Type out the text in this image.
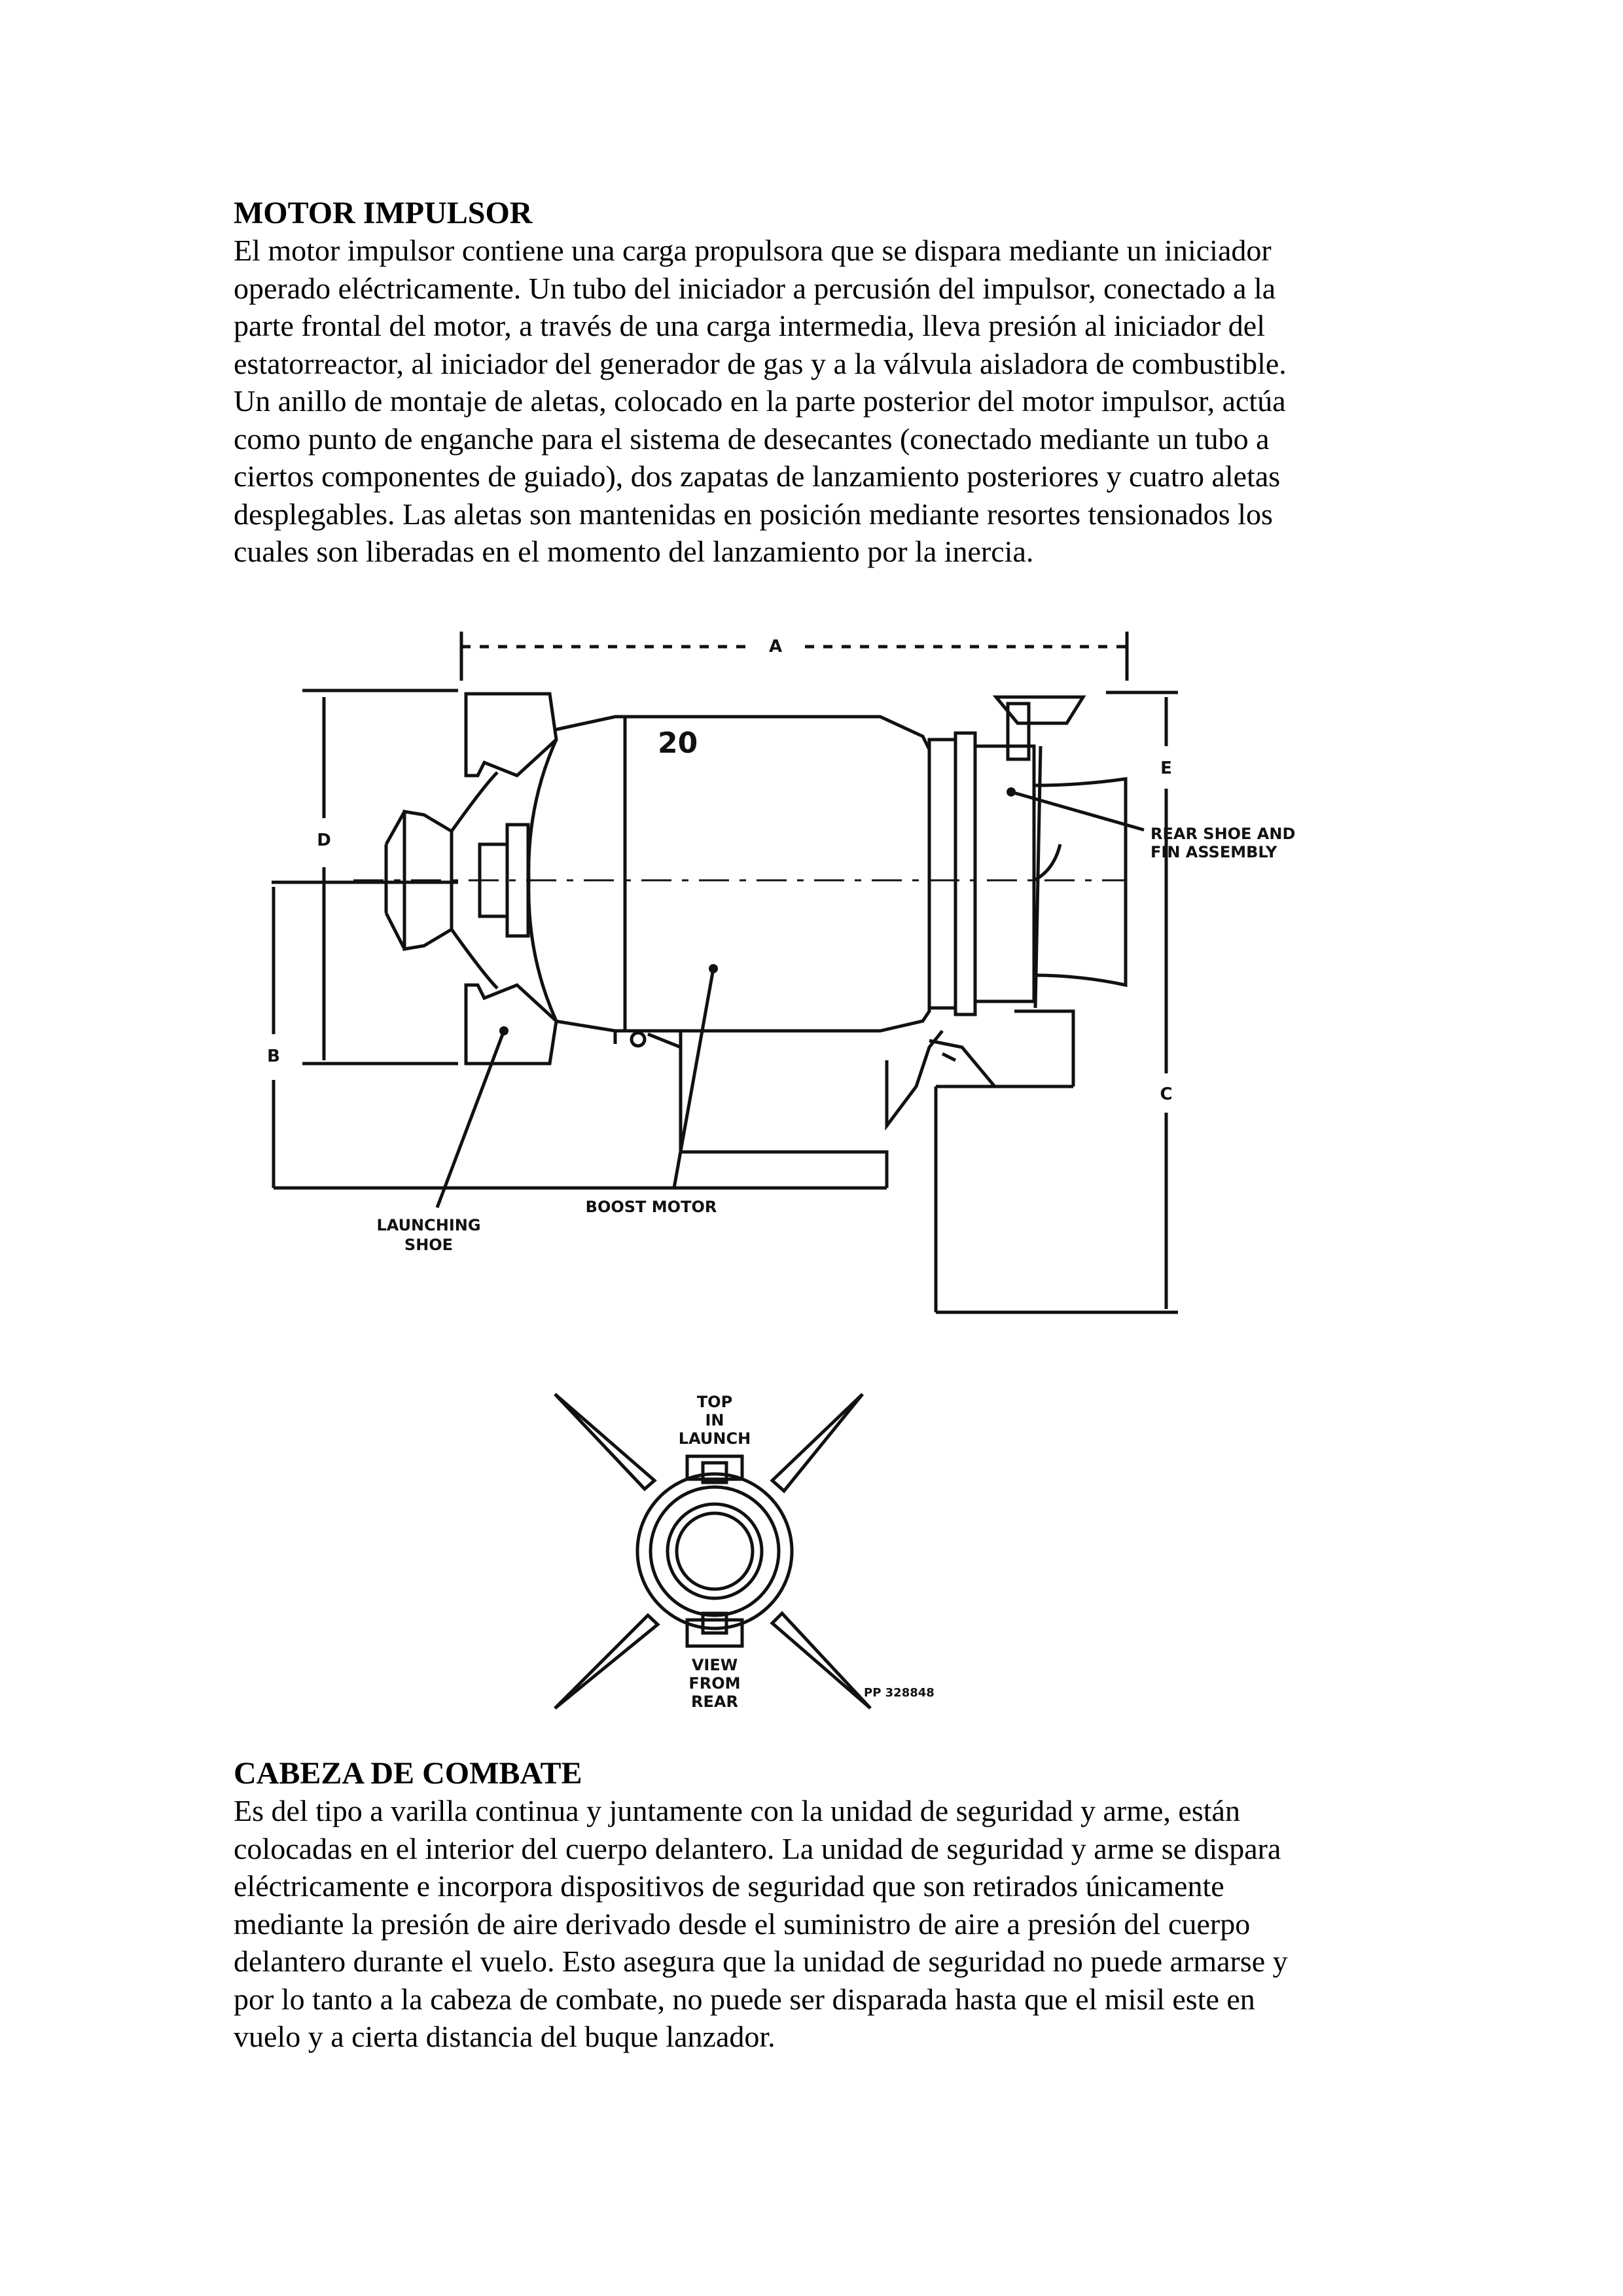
MOTOR IMPULSOR

El motor impulsor contiene una carga propulsora que se dispara mediante un iniciador
operado eléctricamente. Un tubo del iniciador a percusión del impulsor, conectado a la
parte frontal del motor, a través de una carga intermedia, lleva presión al iniciador del
estatorreactor, al iniciador del generador de gas y a la válvula aisladora de combustible.
Un anillo de montaje de aletas, colocado en la parte posterior del motor impulsor, actúa
como punto de enganche para el sistema de desecantes (conectado mediante un tubo a
ciertos componentes de guiado), dos zapatas de lanzamiento posteriores y cuatro aletas
desplegables. Las aletas son mantenidas en posición mediante resortes tensionados los
cuales son liberadas en el momento del lanzamiento por la inercia.

20
A
D
B
E
C
REAR SHOE AND
FIN ASSEMBLY
LAUNCHING
SHOE
BOOST MOTOR
TOP
IN
LAUNCH
VIEW
FROM
REAR	PP 328848
CABEZA DE COMBATE

Es del tipo a varilla continua y juntamente con la unidad de seguridad y arme, están
colocadas en el interior del cuerpo delantero. La unidad de seguridad y arme se dispara
eléctricamente e incorpora dispositivos de seguridad que son retirados únicamente
mediante la presión de aire derivado desde el suministro de aire a presión del cuerpo
delantero durante el vuelo. Esto asegura que la unidad de seguridad no puede armarse y
por lo tanto a la cabeza de combate, no puede ser disparada hasta que el misil este en
vuelo y a cierta distancia del buque lanzador.
